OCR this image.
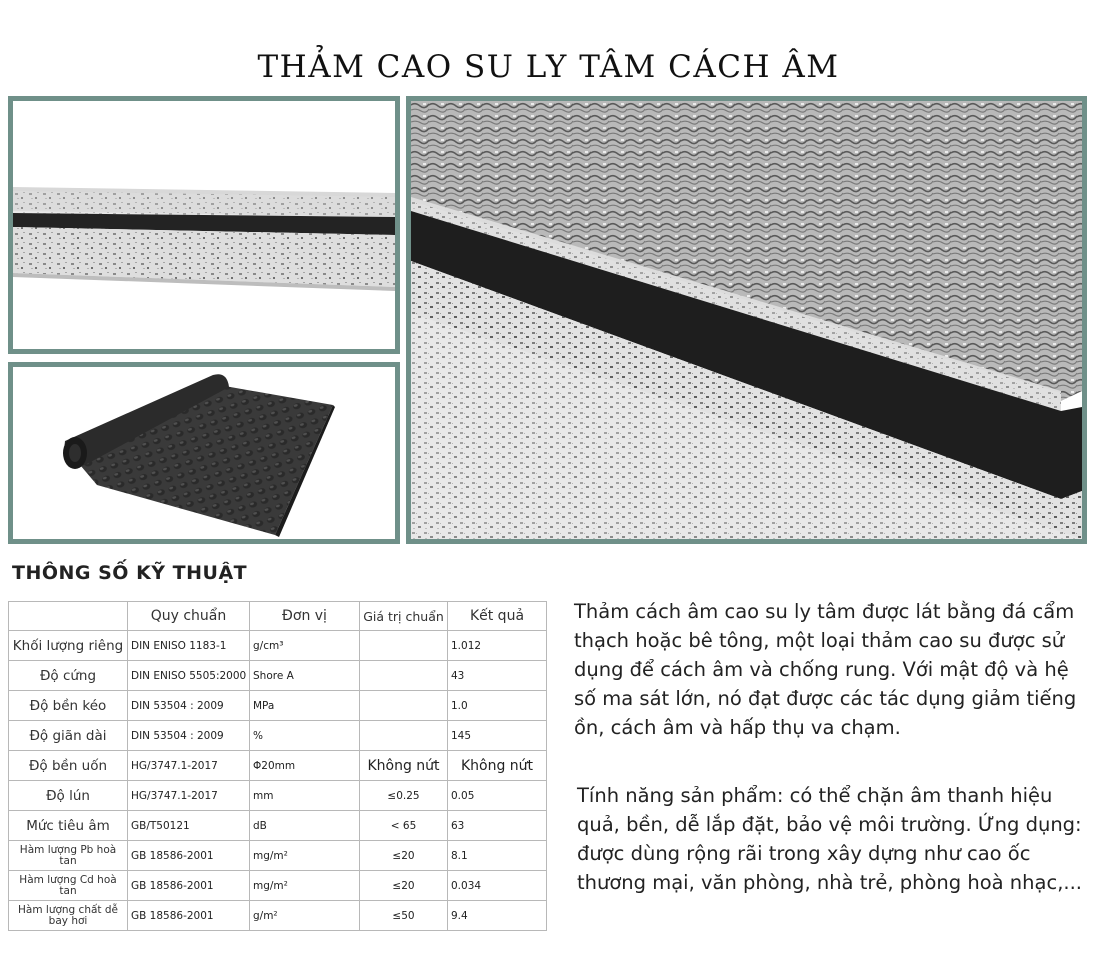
THẢM CAO SU LY TÂM CÁCH ÂM
THÔNG SỐ KỸ THUẬT
	Quy chuẩn	Đơn vị	Giá trị chuẩn	Kết quả
Khối lượng riêng	DIN ENISO 1183-1	g/cm³		1.012
Độ cứng	DIN ENISO 5505:2000	Shore A		43
Độ bền kéo	DIN 53504 : 2009	MPa		1.0
Độ giãn dài	DIN 53504 : 2009	%		145
Độ bền uốn	HG/3747.1-2017	Φ20mm	Không nứt	Không nứt
Độ lún	HG/3747.1-2017	mm	≤0.25	0.05
Mức tiêu âm	GB/T50121	dB	< 65	63
Hàm lượng Pb hoà tan	GB 18586-2001	mg/m²	≤20	8.1
Hàm lượng Cd hoà tan	GB 18586-2001	mg/m²	≤20	0.034
Hàm lượng chất dễ bay hơi	GB 18586-2001	g/m²	≤50	9.4

Thảm cách âm cao su ly tâm được lát bằng đá cẩm thạch hoặc bê tông, một loại thảm cao su được sử dụng để cách âm và chống rung. Với mật độ và hệ số ma sát lớn, nó đạt được các tác dụng giảm tiếng ồn, cách âm và hấp thụ va chạm.

Tính năng sản phẩm: có thể chặn âm thanh hiệu quả, bền, dễ lắp đặt, bảo vệ môi trường. Ứng dụng: được dùng rộng rãi trong xây dựng như cao ốc thương mại, văn phòng, nhà trẻ, phòng hoà nhạc,...
